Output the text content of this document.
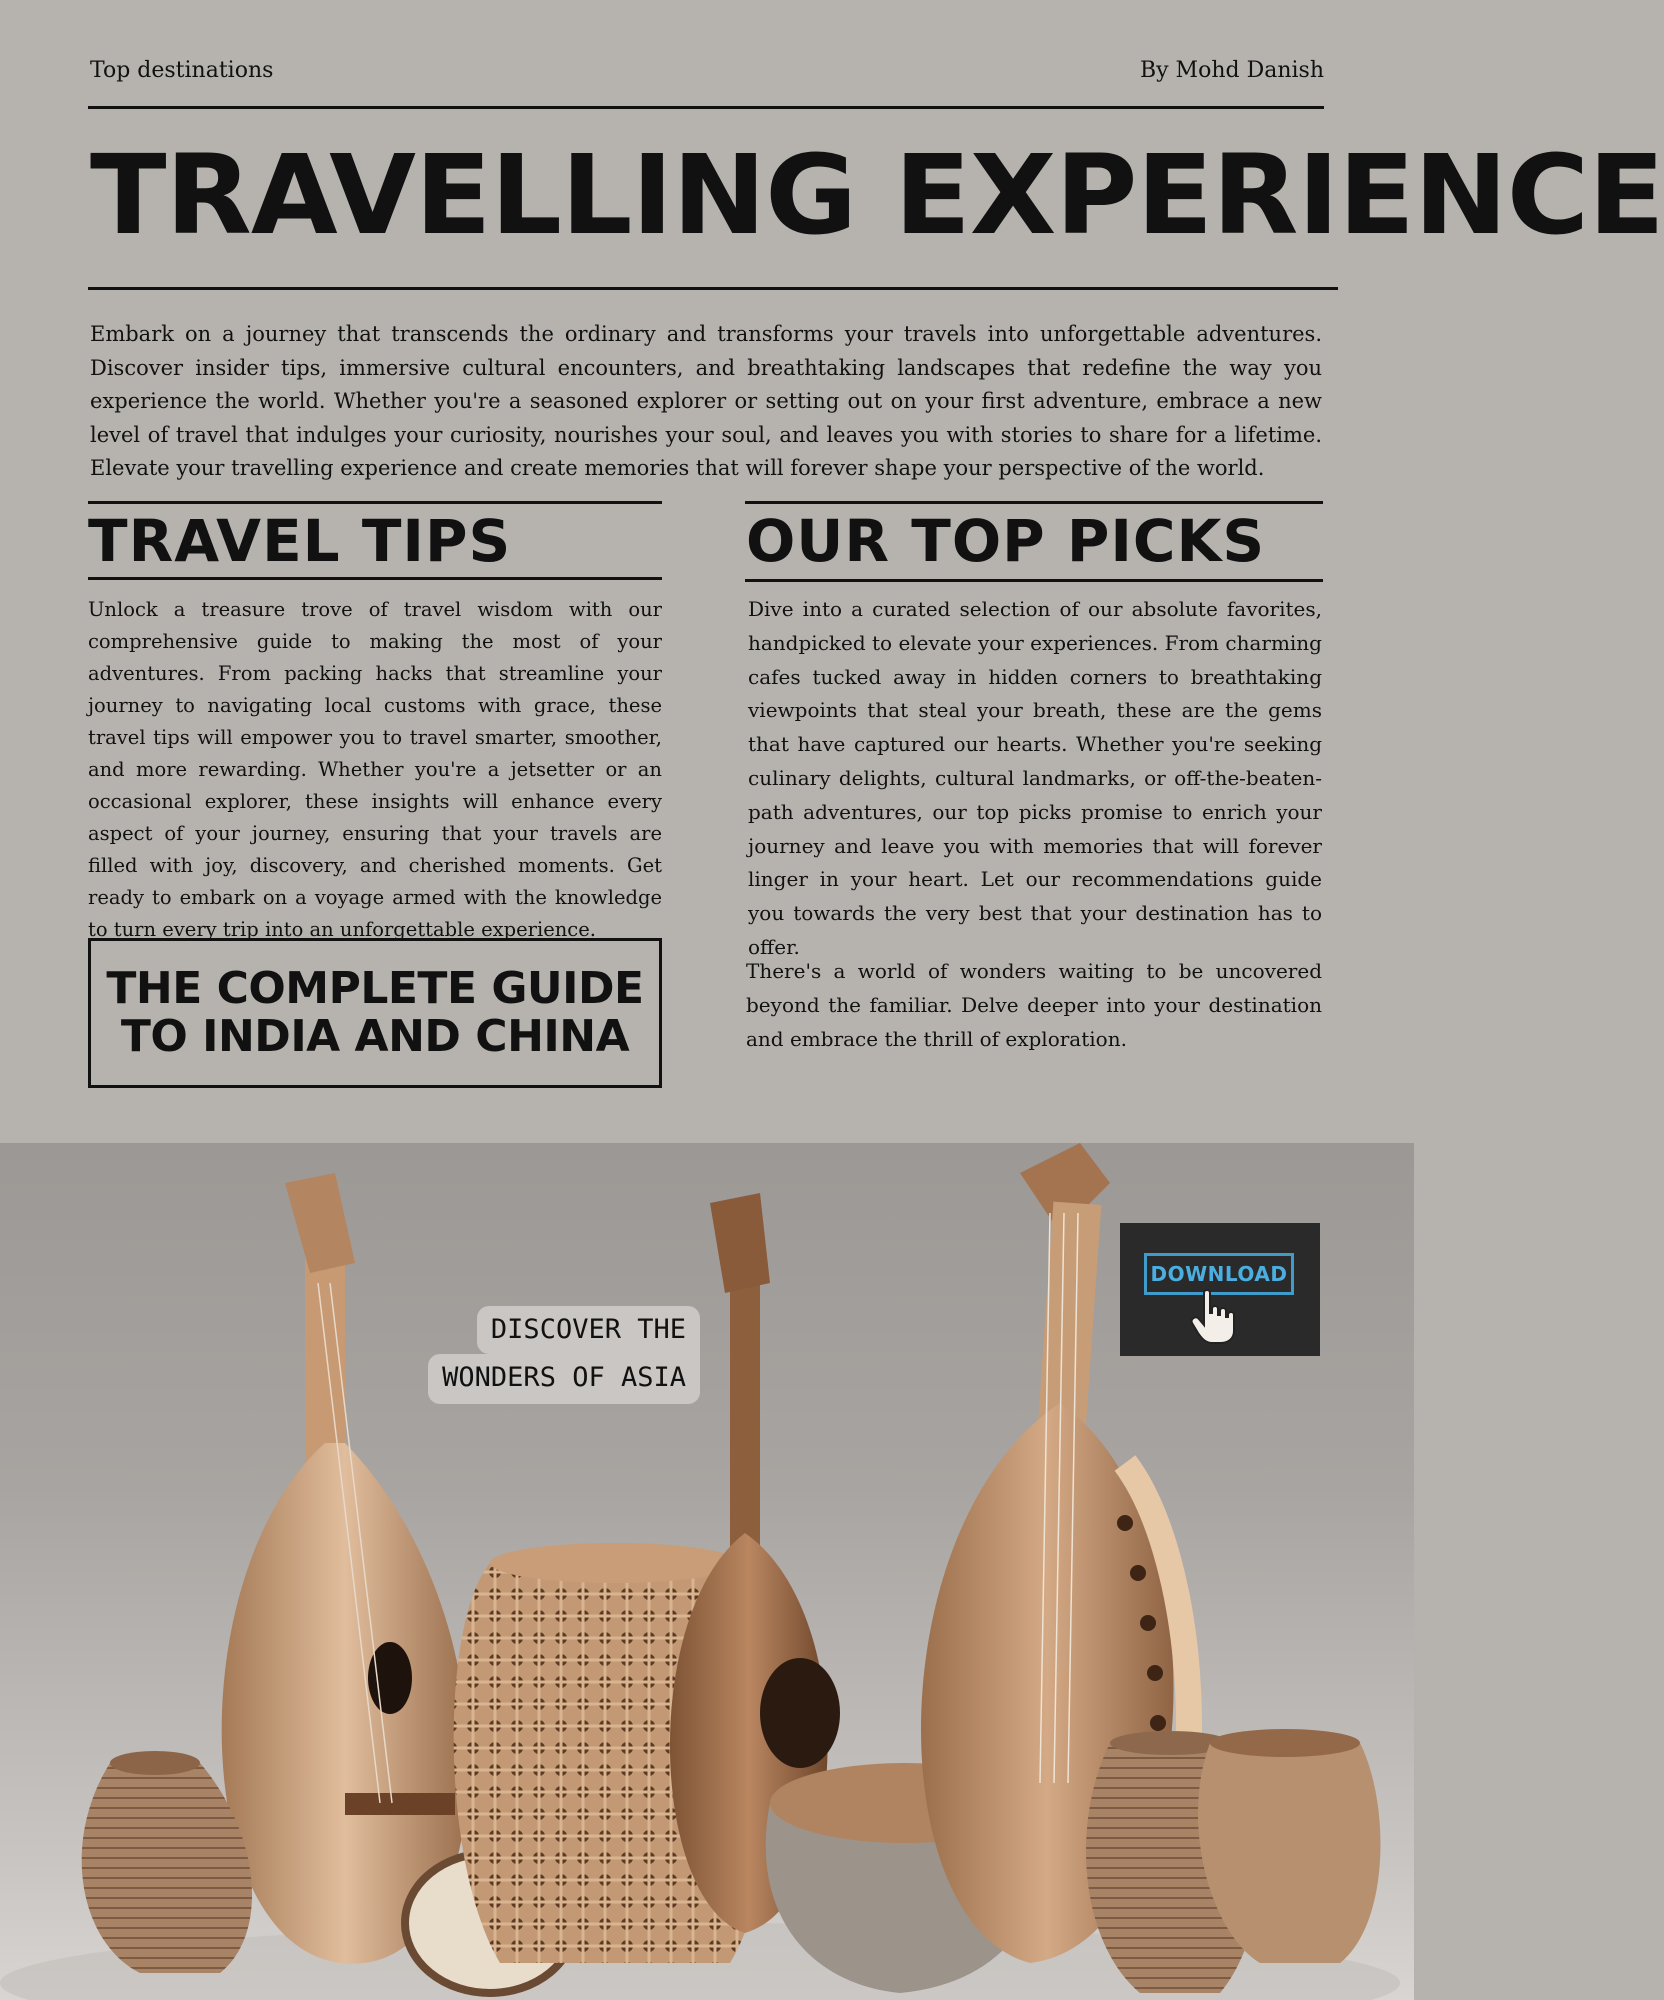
Top destinations	By Mohd Danish
TRAVELLING EXPERIENCE
Embark on a journey that transcends the ordinary and transforms your travels into unforgettable adventures. Discover insider tips, immersive cultural encounters, and breathtaking landscapes that redefine the way you experience the world. Whether you're a seasoned explorer or setting out on your first adventure, embrace a new level of travel that indulges your curiosity, nourishes your soul, and leaves you with stories to share for a lifetime. Elevate your travelling experience and create memories that will forever shape your perspective of the world.
TRAVEL TIPS
Unlock a treasure trove of travel wisdom with our comprehensive guide to making the most of your adventures. From packing hacks that streamline your journey to navigating local customs with grace, these travel tips will empower you to travel smarter, smoother, and more rewarding. Whether you're a jetsetter or an occasional explorer, these insights will enhance every aspect of your journey, ensuring that your travels are filled with joy, discovery, and cherished moments. Get ready to embark on a voyage armed with the knowledge to turn every trip into an unforgettable experience.
THE COMPLETE GUIDE
TO INDIA AND CHINA
OUR TOP PICKS
Dive into a curated selection of our absolute favorites, handpicked to elevate your experiences. From charming cafes tucked away in hidden corners to breathtaking viewpoints that steal your breath, these are the gems that have captured our hearts. Whether you're seeking culinary delights, cultural landmarks, or off-the-beaten-path adventures, our top picks promise to enrich your journey and leave you with memories that will forever linger in your heart. Let our recommendations guide you towards the very best that your destination has to offer.
There's a world of wonders waiting to be uncovered beyond the familiar. Delve deeper into your destination and embrace the thrill of exploration.
DISCOVER THE
WONDERS OF ASIA
DOWNLOAD
